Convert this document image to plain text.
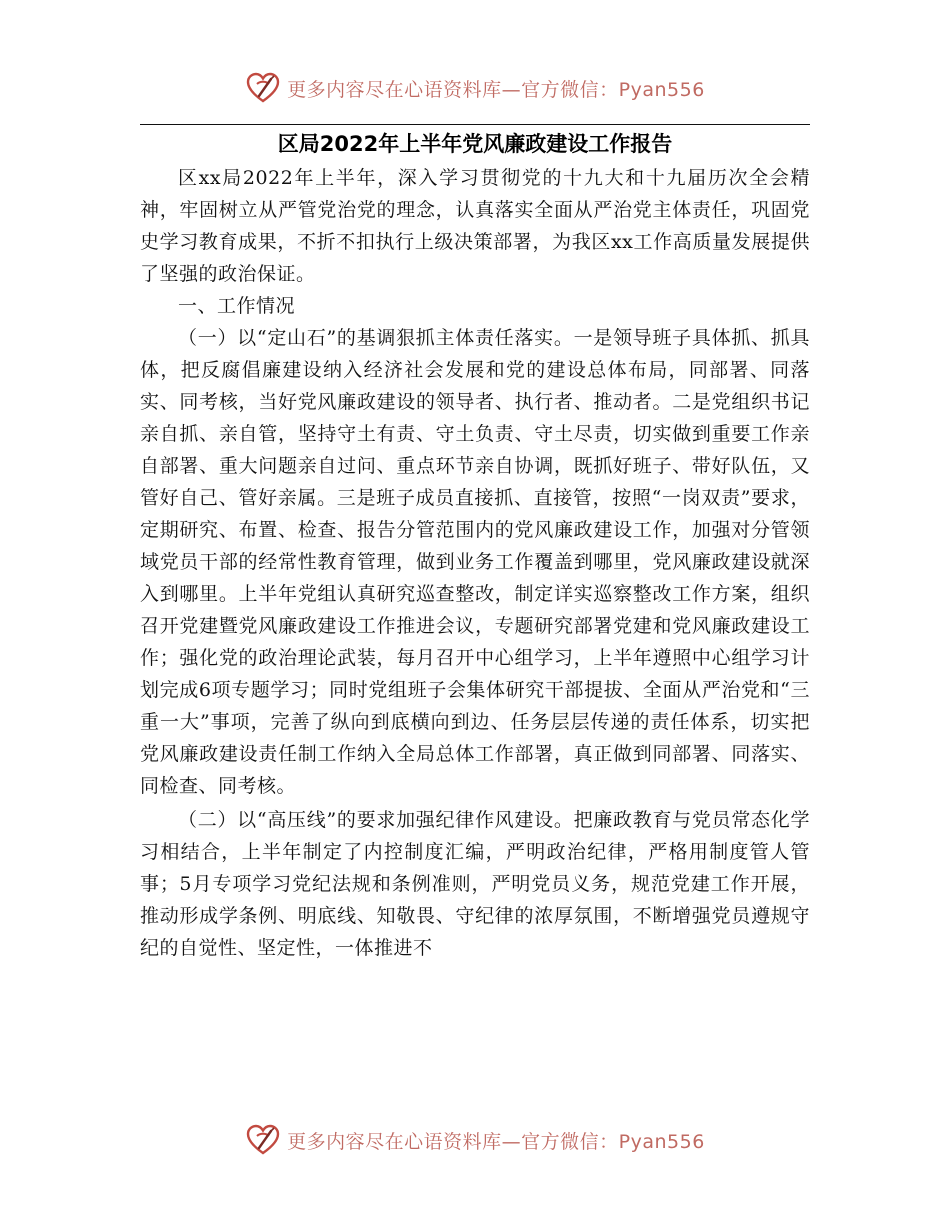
更多内容尽在心语资料库—官方微信：Pyan556
区局2022年上半年党风廉政建设工作报告

区xx局2022年上半年，深入学习贯彻党的十九大和十九届历次全会精神，牢固树立从严管党治党的理念，认真落实全面从严治党主体责任，巩固党史学习教育成果，不折不扣执行上级决策部署，为我区xx工作高质量发展提供了坚强的政治保证。

一、工作情况

（一）以“定山石”的基调狠抓主体责任落实。一是领导班子具体抓、抓具体，把反腐倡廉建设纳入经济社会发展和党的建设总体布局，同部署、同落实、同考核，当好党风廉政建设的领导者、执行者、推动者。二是党组织书记亲自抓、亲自管，坚持守土有责、守土负责、守土尽责，切实做到重要工作亲自部署、重大问题亲自过问、重点环节亲自协调，既抓好班子、带好队伍，又管好自己、管好亲属。三是班子成员直接抓、直接管，按照“一岗双责”要求，定期研究、布置、检查、报告分管范围内的党风廉政建设工作，加强对分管领域党员干部的经常性教育管理，做到业务工作覆盖到哪里，党风廉政建设就深入到哪里。上半年党组认真研究巡查整改，制定详实巡察整改工作方案，组织召开党建暨党风廉政建设工作推进会议，专题研究部署党建和党风廉政建设工作；强化党的政治理论武装，每月召开中心组学习，上半年遵照中心组学习计划完成6项专题学习；同时党组班子会集体研究干部提拔、全面从严治党和“三重一大”事项，完善了纵向到底横向到边、任务层层传递的责任体系，切实把党风廉政建设责任制工作纳入全局总体工作部署，真正做到同部署、同落实、同检查、同考核。

（二）以“高压线”的要求加强纪律作风建设。把廉政教育与党员常态化学习相结合，上半年制定了内控制度汇编，严明政治纪律，严格用制度管人管事；5月专项学习党纪法规和条例准则，严明党员义务，规范党建工作开展，推动形成学条例、明底线、知敬畏、守纪律的浓厚氛围，不断增强党员遵规守纪的自觉性、坚定性，一体推进不

更多内容尽在心语资料库—官方微信：Pyan556
